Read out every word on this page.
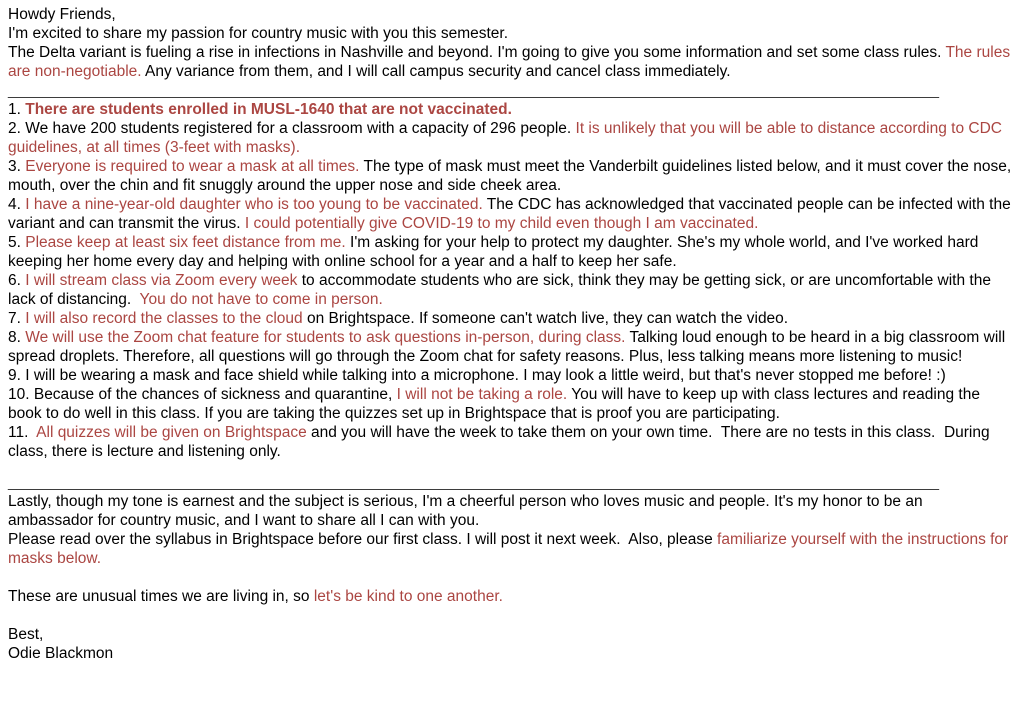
Howdy Friends,

I'm excited to share my passion for country music with you this semester.

The Delta variant is fueling a rise in infections in Nashville and beyond. I'm going to give you some information and set some class rules. The rules are non-negotiable. Any variance from them, and I will call campus security and cancel class immediately.

____________________________________________________________________________________________________________

1. There are students enrolled in MUSL-1640 that are not vaccinated.

2. We have 200 students registered for a classroom with a capacity of 296 people. It is unlikely that you will be able to distance according to CDC guidelines, at all times (3-feet with masks).

3. Everyone is required to wear a mask at all times. The type of mask must meet the Vanderbilt guidelines listed below, and it must cover the nose, mouth, over the chin and fit snuggly around the upper nose and side cheek area.

4. I have a nine-year-old daughter who is too young to be vaccinated. The CDC has acknowledged that vaccinated people can be infected with the variant and can transmit the virus. I could potentially give COVID-19 to my child even though I am vaccinated.

5. Please keep at least six feet distance from me. I'm asking for your help to protect my daughter. She's my whole world, and I've worked hard keeping her home every day and helping with online school for a year and a half to keep her safe.

6. I will stream class via Zoom every week to accommodate students who are sick, think they may be getting sick, or are uncomfortable with the lack of distancing.  You do not have to come in person.

7. I will also record the classes to the cloud on Brightspace. If someone can't watch live, they can watch the video.

8. We will use the Zoom chat feature for students to ask questions in-person, during class. Talking loud enough to be heard in a big classroom will spread droplets. Therefore, all questions will go through the Zoom chat for safety reasons. Plus, less talking means more listening to music!

9. I will be wearing a mask and face shield while talking into a microphone. I may look a little weird, but that's never stopped me before! :)

10. Because of the chances of sickness and quarantine, I will not be taking a role. You will have to keep up with class lectures and reading the book to do well in this class. If you are taking the quizzes set up in Brightspace that is proof you are participating.

11.  All quizzes will be given on Brightspace and you will have the week to take them on your own time.  There are no tests in this class.  During class, there is lecture and listening only.

____________________________________________________________________________________________________________

Lastly, though my tone is earnest and the subject is serious, I'm a cheerful person who loves music and people. It's my honor to be an ambassador for country music, and I want to share all I can with you.

Please read over the syllabus in Brightspace before our first class. I will post it next week.  Also, please familiarize yourself with the instructions for masks below.

These are unusual times we are living in, so let's be kind to one another.

Best,

Odie Blackmon
